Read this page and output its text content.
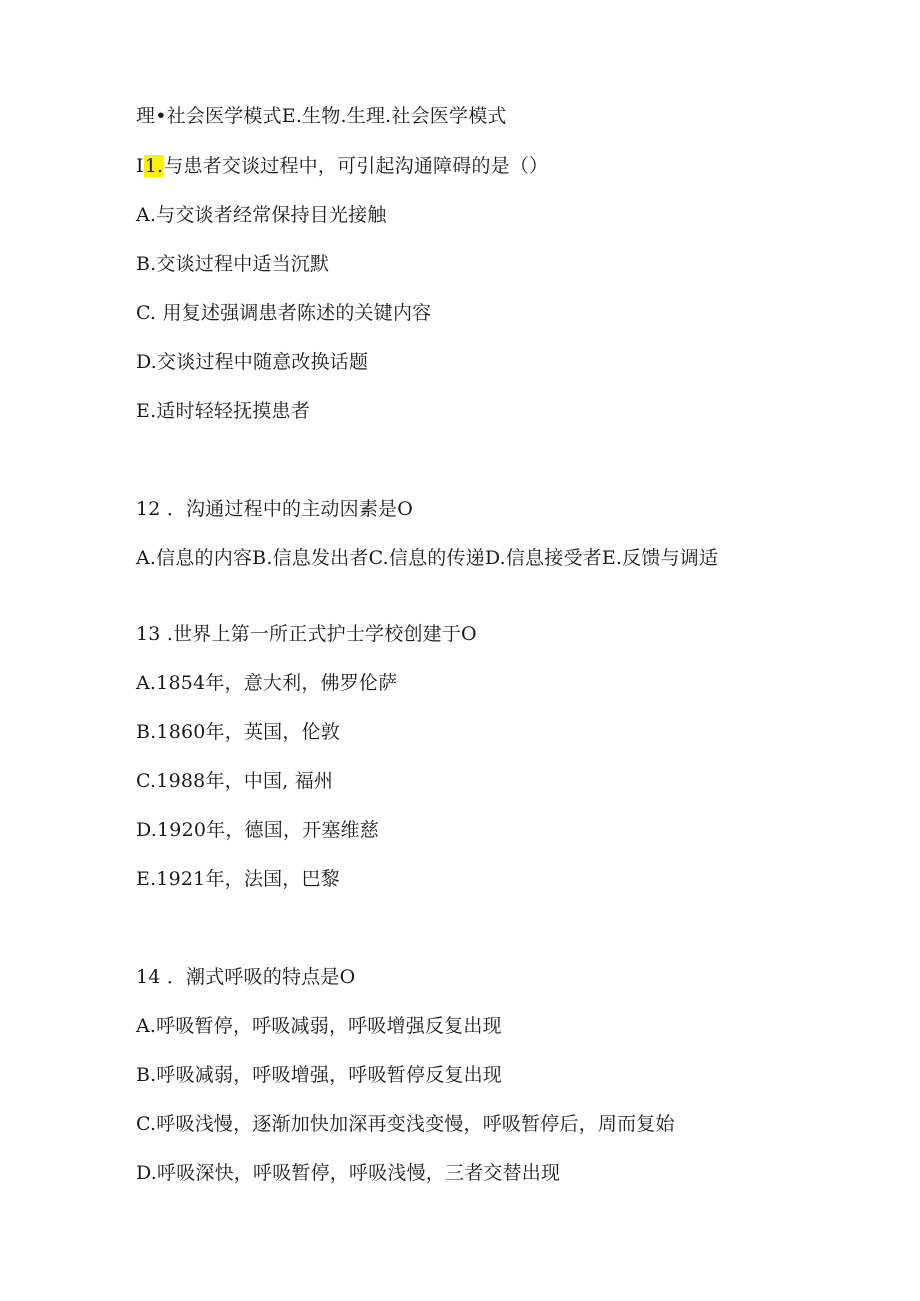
理•社会医学模式E.生物.生理.社会医学模式
I1.与患者交谈过程中，可引起沟通障碍的是（）
A.与交谈者经常保持目光接触
B.交谈过程中适当沉默
C. 用复述强调患者陈述的关键内容
D.交谈过程中随意改换话题
E.适时轻轻抚摸患者
12 ．沟通过程中的主动因素是O
A.信息的内容B.信息发出者C.信息的传递D.信息接受者E.反馈与调适
13 .世界上第一所正式护士学校创建于O
A.1854年，意大利，佛罗伦萨
B.1860年，英国，伦敦
C.1988年，中国, 福州
D.1920年，德国，开塞维慈
E.1921年，法国，巴黎
14 ．潮式呼吸的特点是O
A.呼吸暂停，呼吸减弱，呼吸增强反复出现
B.呼吸减弱，呼吸增强，呼吸暂停反复出现
C.呼吸浅慢，逐渐加快加深再变浅变慢，呼吸暂停后，周而复始
D.呼吸深快，呼吸暂停，呼吸浅慢，三者交替出现
